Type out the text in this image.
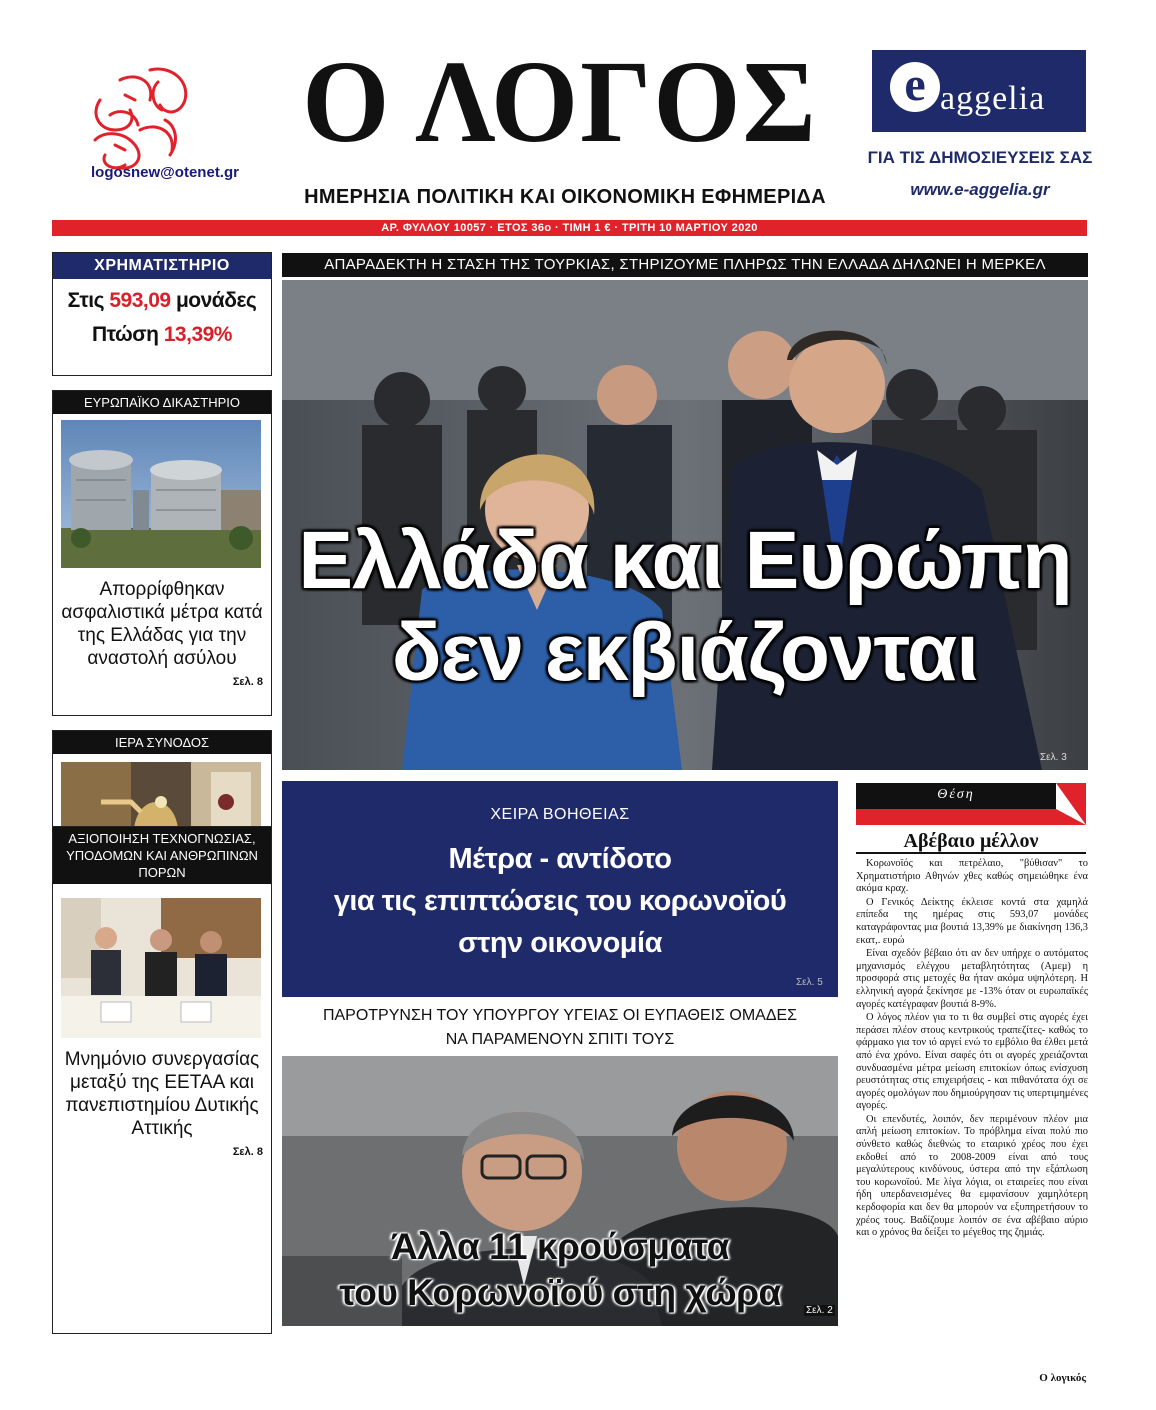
logosnew@otenet.gr
Ο ΛΟΓΟΣ
ΗΜΕΡΗΣΙΑ ΠΟΛΙΤΙΚΗ ΚΑΙ ΟΙΚΟΝΟΜΙΚΗ ΕΦΗΜΕΡΙΔΑ
e aggelia
ΓΙΑ ΤΙΣ ΔΗΜΟΣΙΕΥΣΕΙΣ ΣΑΣ
www.e-aggelia.gr
ΑΡ. ΦΥΛΛΟΥ 10057 · ΕΤΟΣ 36ο · ΤΙΜΗ 1 € · ΤΡΙΤΗ 10 ΜΑΡΤΙΟΥ 2020
ΧΡΗΜΑΤΙΣΤΗΡΙΟ
Στις 593,09 μονάδες
Πτώση 13,39%
ΕΥΡΩΠΑΪΚΟ ΔΙΚΑΣΤΗΡΙΟ
Απορρίφθηκαν ασφαλιστικά μέτρα κατά της Ελλάδας για την αναστολή ασύλου
Σελ. 8
ΙΕΡΑ ΣΥΝΟΔΟΣ
ΑΞΙΟΠΟΙΗΣΗ ΤΕΧΝΟΓΝΩΣΙΑΣ, ΥΠΟΔΟΜΩΝ ΚΑΙ ΑΝΘΡΩΠΙΝΩΝ ΠΟΡΩΝ
Μνημόνιο συνεργασίας μεταξύ της ΕΕΤΑΑ και πανεπιστημίου Δυτικής Αττικής
Σελ. 8
ΑΠΑΡΑΔΕΚΤΗ Η ΣΤΑΣΗ ΤΗΣ ΤΟΥΡΚΙΑΣ, ΣΤΗΡΙΖΟΥΜΕ ΠΛΗΡΩΣ ΤΗΝ ΕΛΛΑΔΑ ΔΗΛΩΝΕΙ Η ΜΕΡΚΕΛ
Ελλάδα και Ευρώπη
δεν εκβιάζονται
Σελ. 3
ΧΕΙΡΑ ΒΟΗΘΕΙΑΣ
Μέτρα - αντίδοτο
για τις επιπτώσεις του κορωνοϊού
στην οικονομία
Σελ. 5
ΠΑΡΟΤΡΥΝΣΗ ΤΟΥ ΥΠΟΥΡΓΟΥ ΥΓΕΙΑΣ ΟΙ ΕΥΠΑΘΕΙΣ ΟΜΑΔΕΣ
ΝΑ ΠΑΡΑΜΕΝΟΥΝ ΣΠΙΤΙ ΤΟΥΣ
Άλλα 11 κρούσματα
του Κορωνοϊού στη χώρα	Σελ. 2
Θέση
Αβέβαιο μέλλον

Κορωνοϊός και πετρέλαιο, "βύθισαν" το Χρηματιστήριο Αθηνών χθες καθώς σημειώθηκε ένα ακόμα κραχ.

Ο Γενικός Δείκτης έκλεισε κοντά στα χαμηλά επίπεδα της ημέρας στις 593,07 μονάδες καταγράφοντας μια βουτιά 13,39% με διακίνηση 136,3 εκατ,. ευρώ

Είναι σχεδόν βέβαιο ότι αν δεν υπήρχε ο αυτόματος μηχανισμός ελέγχου μεταβλητότητας (Αμεμ) η προσφορά στις μετοχές θα ήταν ακόμα υψηλότερη. Η ελληνική αγορά ξεκίνησε με -13% όταν οι ευρωπαϊκές αγορές κατέγραφαν βουτιά 8-9%.

Ο λόγος πλέον για το τι θα συμβεί στις αγορές έχει περάσει πλέον στους κεντρικούς τραπεζίτες- καθώς το φάρμακο για τον ιό αργεί ενώ το εμβόλιο θα έλθει μετά από ένα χρόνο. Είναι σαφές ότι οι αγορές χρειάζονται συνδυασμένα μέτρα μείωση επιτοκίων όπως ενίσχυση ρευστότητας στις επιχειρήσεις - και πιθανότατα όχι σε αγορές ομολόγων που δημιούργησαν τις υπερτιμημένες αγορές.

Οι επενδυτές, λοιπόν, δεν περιμένουν πλέον μια απλή μείωση επιτοκίων. Το πρόβλημα είναι πολύ πιο σύνθετο καθώς διεθνώς το εταιρικό χρέος που έχει εκδοθεί από το 2008-2009 είναι από τους μεγαλύτερους κινδύνους, ύστερα από την εξάπλωση του κορωνοϊού. Με λίγα λόγια, οι εταιρείες που είναι ήδη υπερδανεισμένες θα εμφανίσουν χαμηλότερη κερδοφορία και δεν θα μπορούν να εξυπηρετήσουν το χρέος τους. Βαδίζουμε λοιπόν σε ένα αβέβαιο αύριο και ο χρόνος θα δείξει το μέγεθος της ζημιάς.

Ο λογικός
